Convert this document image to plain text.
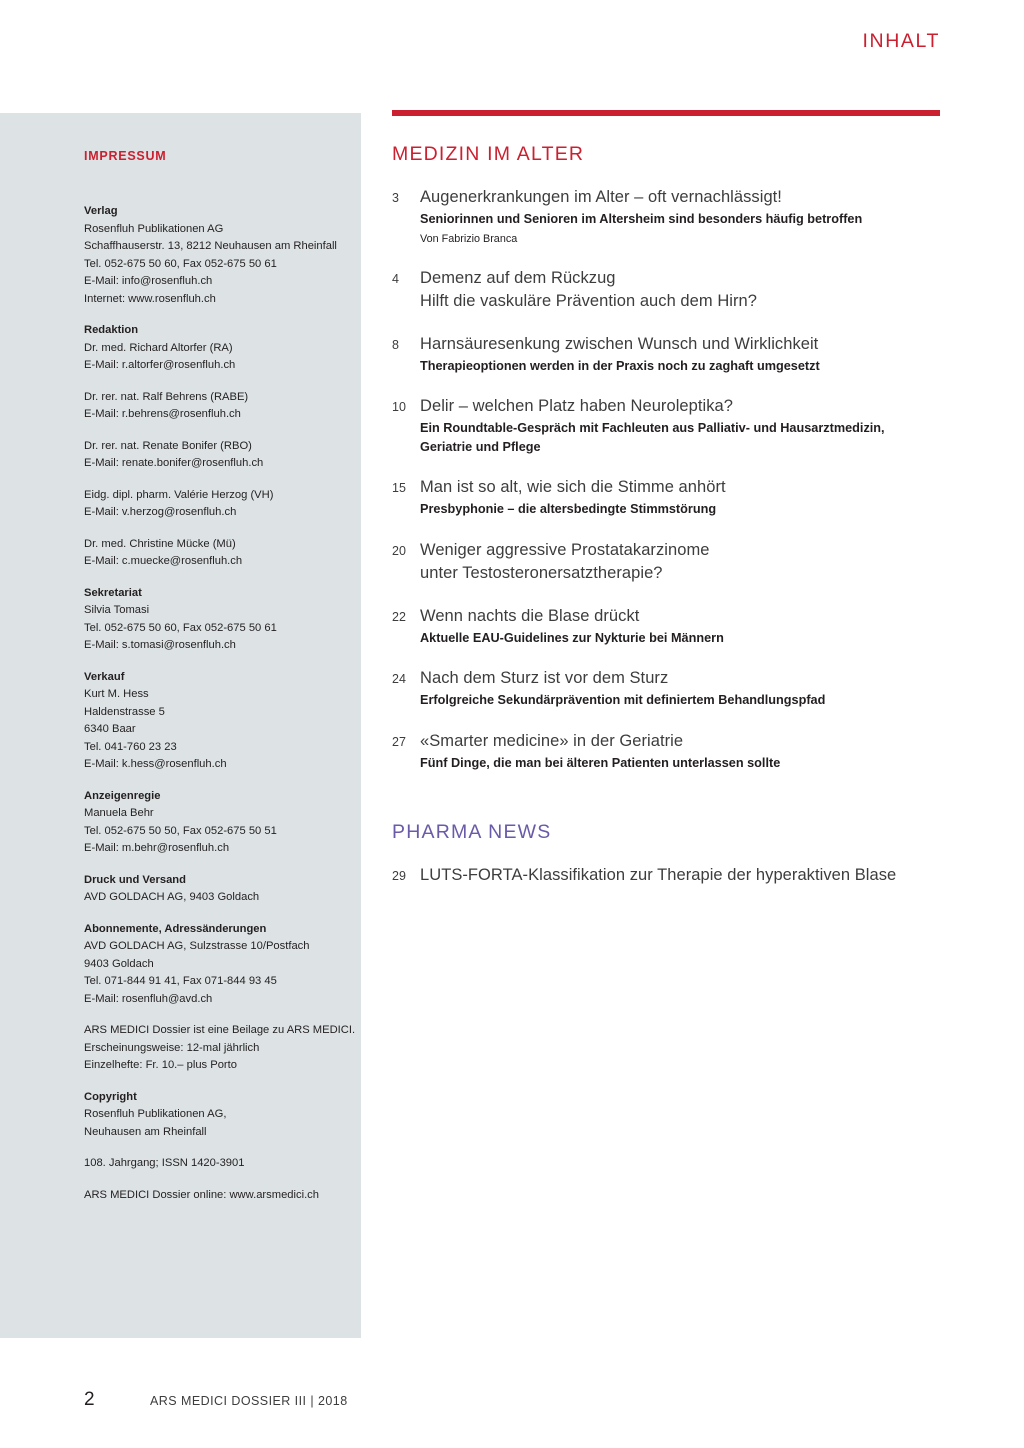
INHALT
IMPRESSUM
Verlag
Rosenfluh Publikationen AG
Schaffhauserstr. 13, 8212 Neuhausen am Rheinfall
Tel. 052-675 50 60, Fax 052-675 50 61
E-Mail: info@rosenfluh.ch
Internet: www.rosenfluh.ch
Redaktion
Dr. med. Richard Altorfer (RA)
E-Mail: r.altorfer@rosenfluh.ch
Dr. rer. nat. Ralf Behrens (RABE)
E-Mail: r.behrens@rosenfluh.ch
Dr. rer. nat. Renate Bonifer (RBO)
E-Mail: renate.bonifer@rosenfluh.ch
Eidg. dipl. pharm. Valérie Herzog (VH)
E-Mail: v.herzog@rosenfluh.ch
Dr. med. Christine Mücke (Mü)
E-Mail: c.muecke@rosenfluh.ch
Sekretariat
Silvia Tomasi
Tel. 052-675 50 60, Fax 052-675 50 61
E-Mail: s.tomasi@rosenfluh.ch
Verkauf
Kurt M. Hess
Haldenstrasse 5
6340 Baar
Tel. 041-760 23 23
E-Mail: k.hess@rosenfluh.ch
Anzeigenregie
Manuela Behr
Tel. 052-675 50 50, Fax 052-675 50 51
E-Mail: m.behr@rosenfluh.ch
Druck und Versand
AVD GOLDACH AG, 9403 Goldach
Abonnemente, Adressänderungen
AVD GOLDACH AG, Sulzstrasse 10/Postfach
9403 Goldach
Tel. 071-844 91 41, Fax 071-844 93 45
E-Mail: rosenfluh@avd.ch
ARS MEDICI Dossier ist eine Beilage zu ARS MEDICI.
Erscheinungsweise: 12-mal jährlich
Einzelhefte: Fr. 10.– plus Porto
Copyright
Rosenfluh Publikationen AG,
Neuhausen am Rheinfall
108. Jahrgang; ISSN 1420-3901
ARS MEDICI Dossier online: www.arsmedici.ch
MEDIZIN IM ALTER
3	Augenerkrankungen im Alter – oft vernachlässigt!
Seniorinnen und Senioren im Altersheim sind besonders häufig betroffen
Von Fabrizio Branca
4	Demenz auf dem Rückzug
Hilft die vaskuläre Prävention auch dem Hirn?
8	Harnsäuresenkung zwischen Wunsch und Wirklichkeit
Therapieoptionen werden in der Praxis noch zu zaghaft umgesetzt
10 Delir – welchen Platz haben Neuroleptika?
Ein Roundtable-Gespräch mit Fachleuten aus Palliativ- und Hausarztmedizin,
Geriatrie und Pflege
15 Man ist so alt, wie sich die Stimme anhört
Presbyphonie – die altersbedingte Stimmstörung
20 Weniger aggressive Prostatakarzinome
unter Testosteronersatztherapie?
22 Wenn nachts die Blase drückt
Aktuelle EAU-Guidelines zur Nykturie bei Männern
24 Nach dem Sturz ist vor dem Sturz
Erfolgreiche Sekundärprävention mit definiertem Behandlungspfad
27 «Smarter medicine» in der Geriatrie
Fünf Dinge, die man bei älteren Patienten unterlassen sollte
PHARMA NEWS
29 LUTS-FORTA-Klassifikation zur Therapie der hyperaktiven Blase
2	ARS MEDICI DOSSIER III | 2018
